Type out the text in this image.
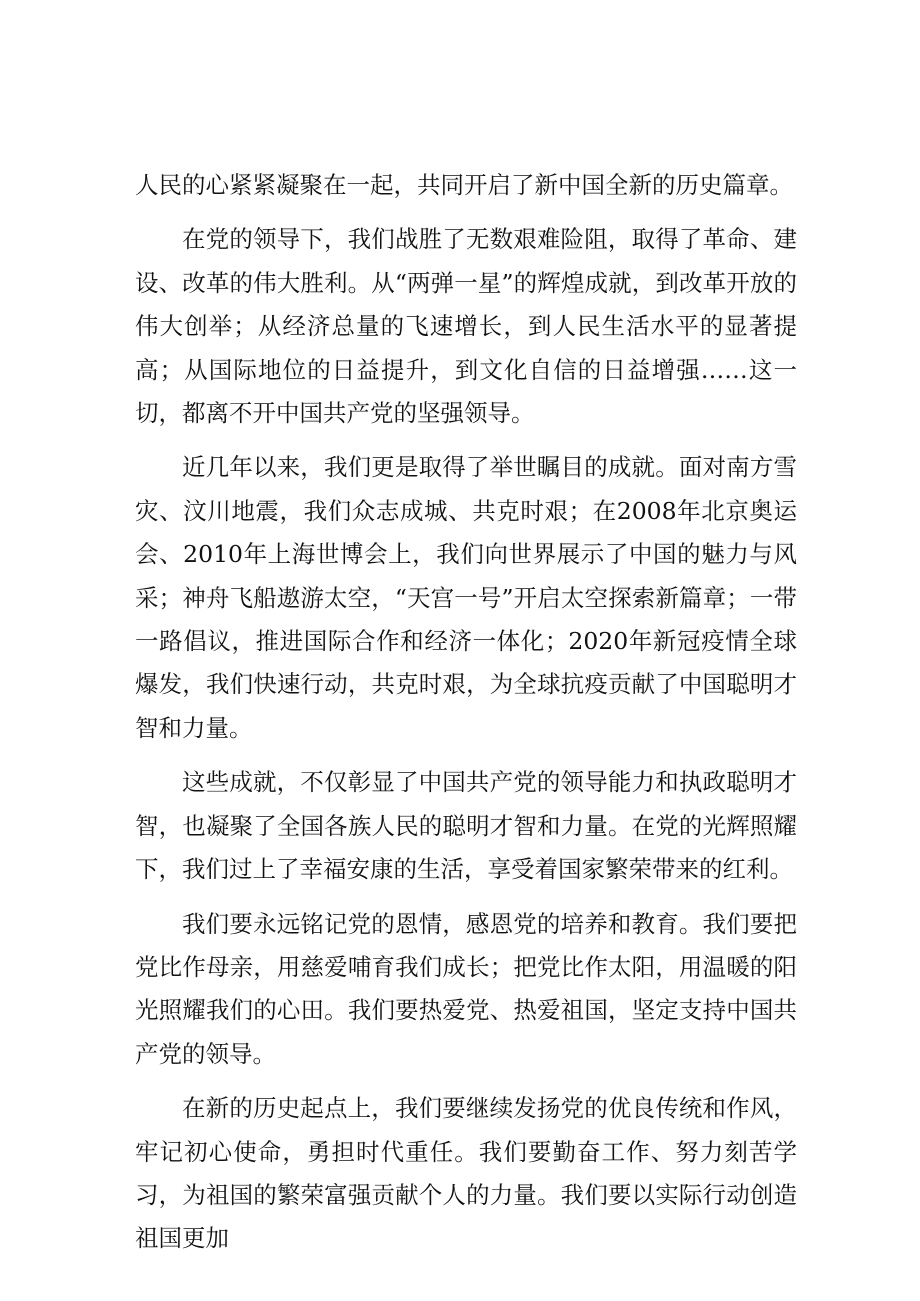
人民的心紧紧凝聚在一起，共同开启了新中国全新的历史篇章。

在党的领导下，我们战胜了无数艰难险阻，取得了革命、建设、改革的伟大胜利。从“两弹一星”的辉煌成就，到改革开放的伟大创举；从经济总量的飞速增长，到人民生活水平的显著提高；从国际地位的日益提升，到文化自信的日益增强……这一切，都离不开中国共产党的坚强领导。

近几年以来，我们更是取得了举世瞩目的成就。面对南方雪灾、汶川地震，我们众志成城、共克时艰；在2008年北京奥运会、2010年上海世博会上，我们向世界展示了中国的魅力与风采；神舟飞船遨游太空，“天宫一号”开启太空探索新篇章；一带一路倡议，推进国际合作和经济一体化；2020年新冠疫情全球爆发，我们快速行动，共克时艰，为全球抗疫贡献了中国聪明才智和力量。

这些成就，不仅彰显了中国共产党的领导能力和执政聪明才智，也凝聚了全国各族人民的聪明才智和力量。在党的光辉照耀下，我们过上了幸福安康的生活，享受着国家繁荣带来的红利。

我们要永远铭记党的恩情，感恩党的培养和教育。我们要把党比作母亲，用慈爱哺育我们成长；把党比作太阳，用温暖的阳光照耀我们的心田。我们要热爱党、热爱祖国，坚定支持中国共产党的领导。

在新的历史起点上，我们要继续发扬党的优良传统和作风，牢记初心使命，勇担时代重任。我们要勤奋工作、努力刻苦学习，为祖国的繁荣富强贡献个人的力量。我们要以实际行动创造祖国更加
